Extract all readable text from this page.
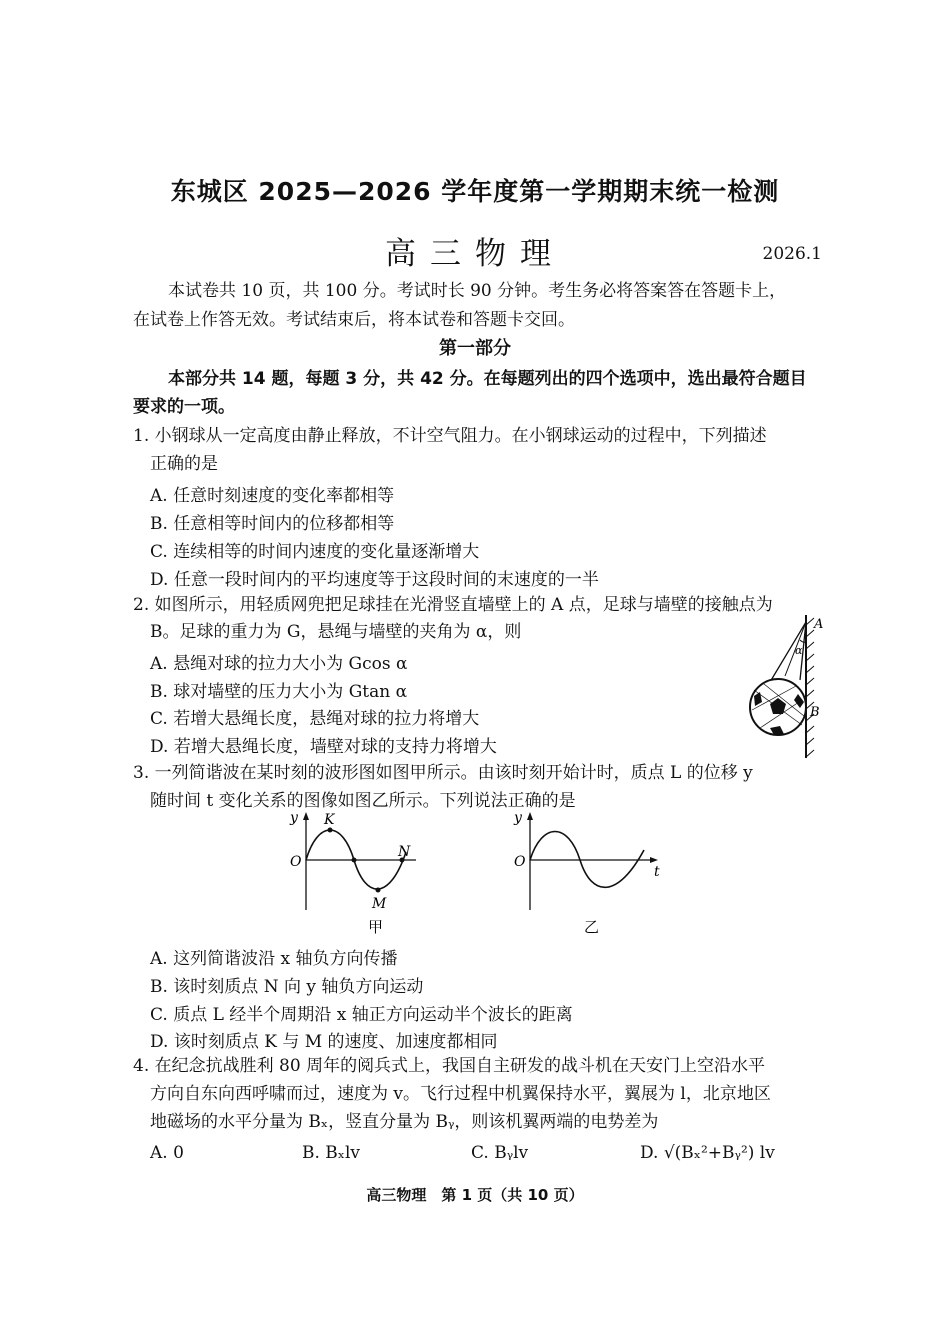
东城区 2025—2026 学年度第一学期期末统一检测
高三物理	2026.1
本试卷共 10 页，共 100 分。考试时长 90 分钟。考生务必将答案答在答题卡上，
在试卷上作答无效。考试结束后，将本试卷和答题卡交回。
第一部分
本部分共 14 题，每题 3 分，共 42 分。在每题列出的四个选项中，选出最符合题目
要求的一项。
1. 小钢球从一定高度由静止释放，不计空气阻力。在小钢球运动的过程中，下列描述
正确的是
A. 任意时刻速度的变化率都相等
B. 任意相等时间内的位移都相等
C. 连续相等的时间内速度的变化量逐渐增大
D. 任意一段时间内的平均速度等于这段时间的末速度的一半
2. 如图所示，用轻质网兜把足球挂在光滑竖直墙壁上的 A 点，足球与墙壁的接触点为
B。足球的重力为 G，悬绳与墙壁的夹角为 α，则
A. 悬绳对球的拉力大小为 Gcos α
B. 球对墙壁的压力大小为 Gtan α
C. 若增大悬绳长度，悬绳对球的拉力将增大
D. 若增大悬绳长度，墙壁对球的支持力将增大
A
α
B
3. 一列简谐波在某时刻的波形图如图甲所示。由该时刻开始计时，质点 L 的位移 y
随时间 t 变化关系的图像如图乙所示。下列说法正确的是
y
O
K
M
N
甲
y
O
t
乙
A. 这列简谐波沿 x 轴负方向传播
B. 该时刻质点 N 向 y 轴负方向运动
C. 质点 L 经半个周期沿 x 轴正方向运动半个波长的距离
D. 该时刻质点 K 与 M 的速度、加速度都相同
4. 在纪念抗战胜利 80 周年的阅兵式上，我国自主研发的战斗机在天安门上空沿水平
方向自东向西呼啸而过，速度为 v。飞行过程中机翼保持水平，翼展为 l，北京地区
地磁场的水平分量为 Bₓ，竖直分量为 Bᵧ，则该机翼两端的电势差为
A. 0	B. Bₓlv	C. Bᵧlv	D. √(Bₓ²+Bᵧ²) lv
高三物理　第 1 页（共 10 页）
